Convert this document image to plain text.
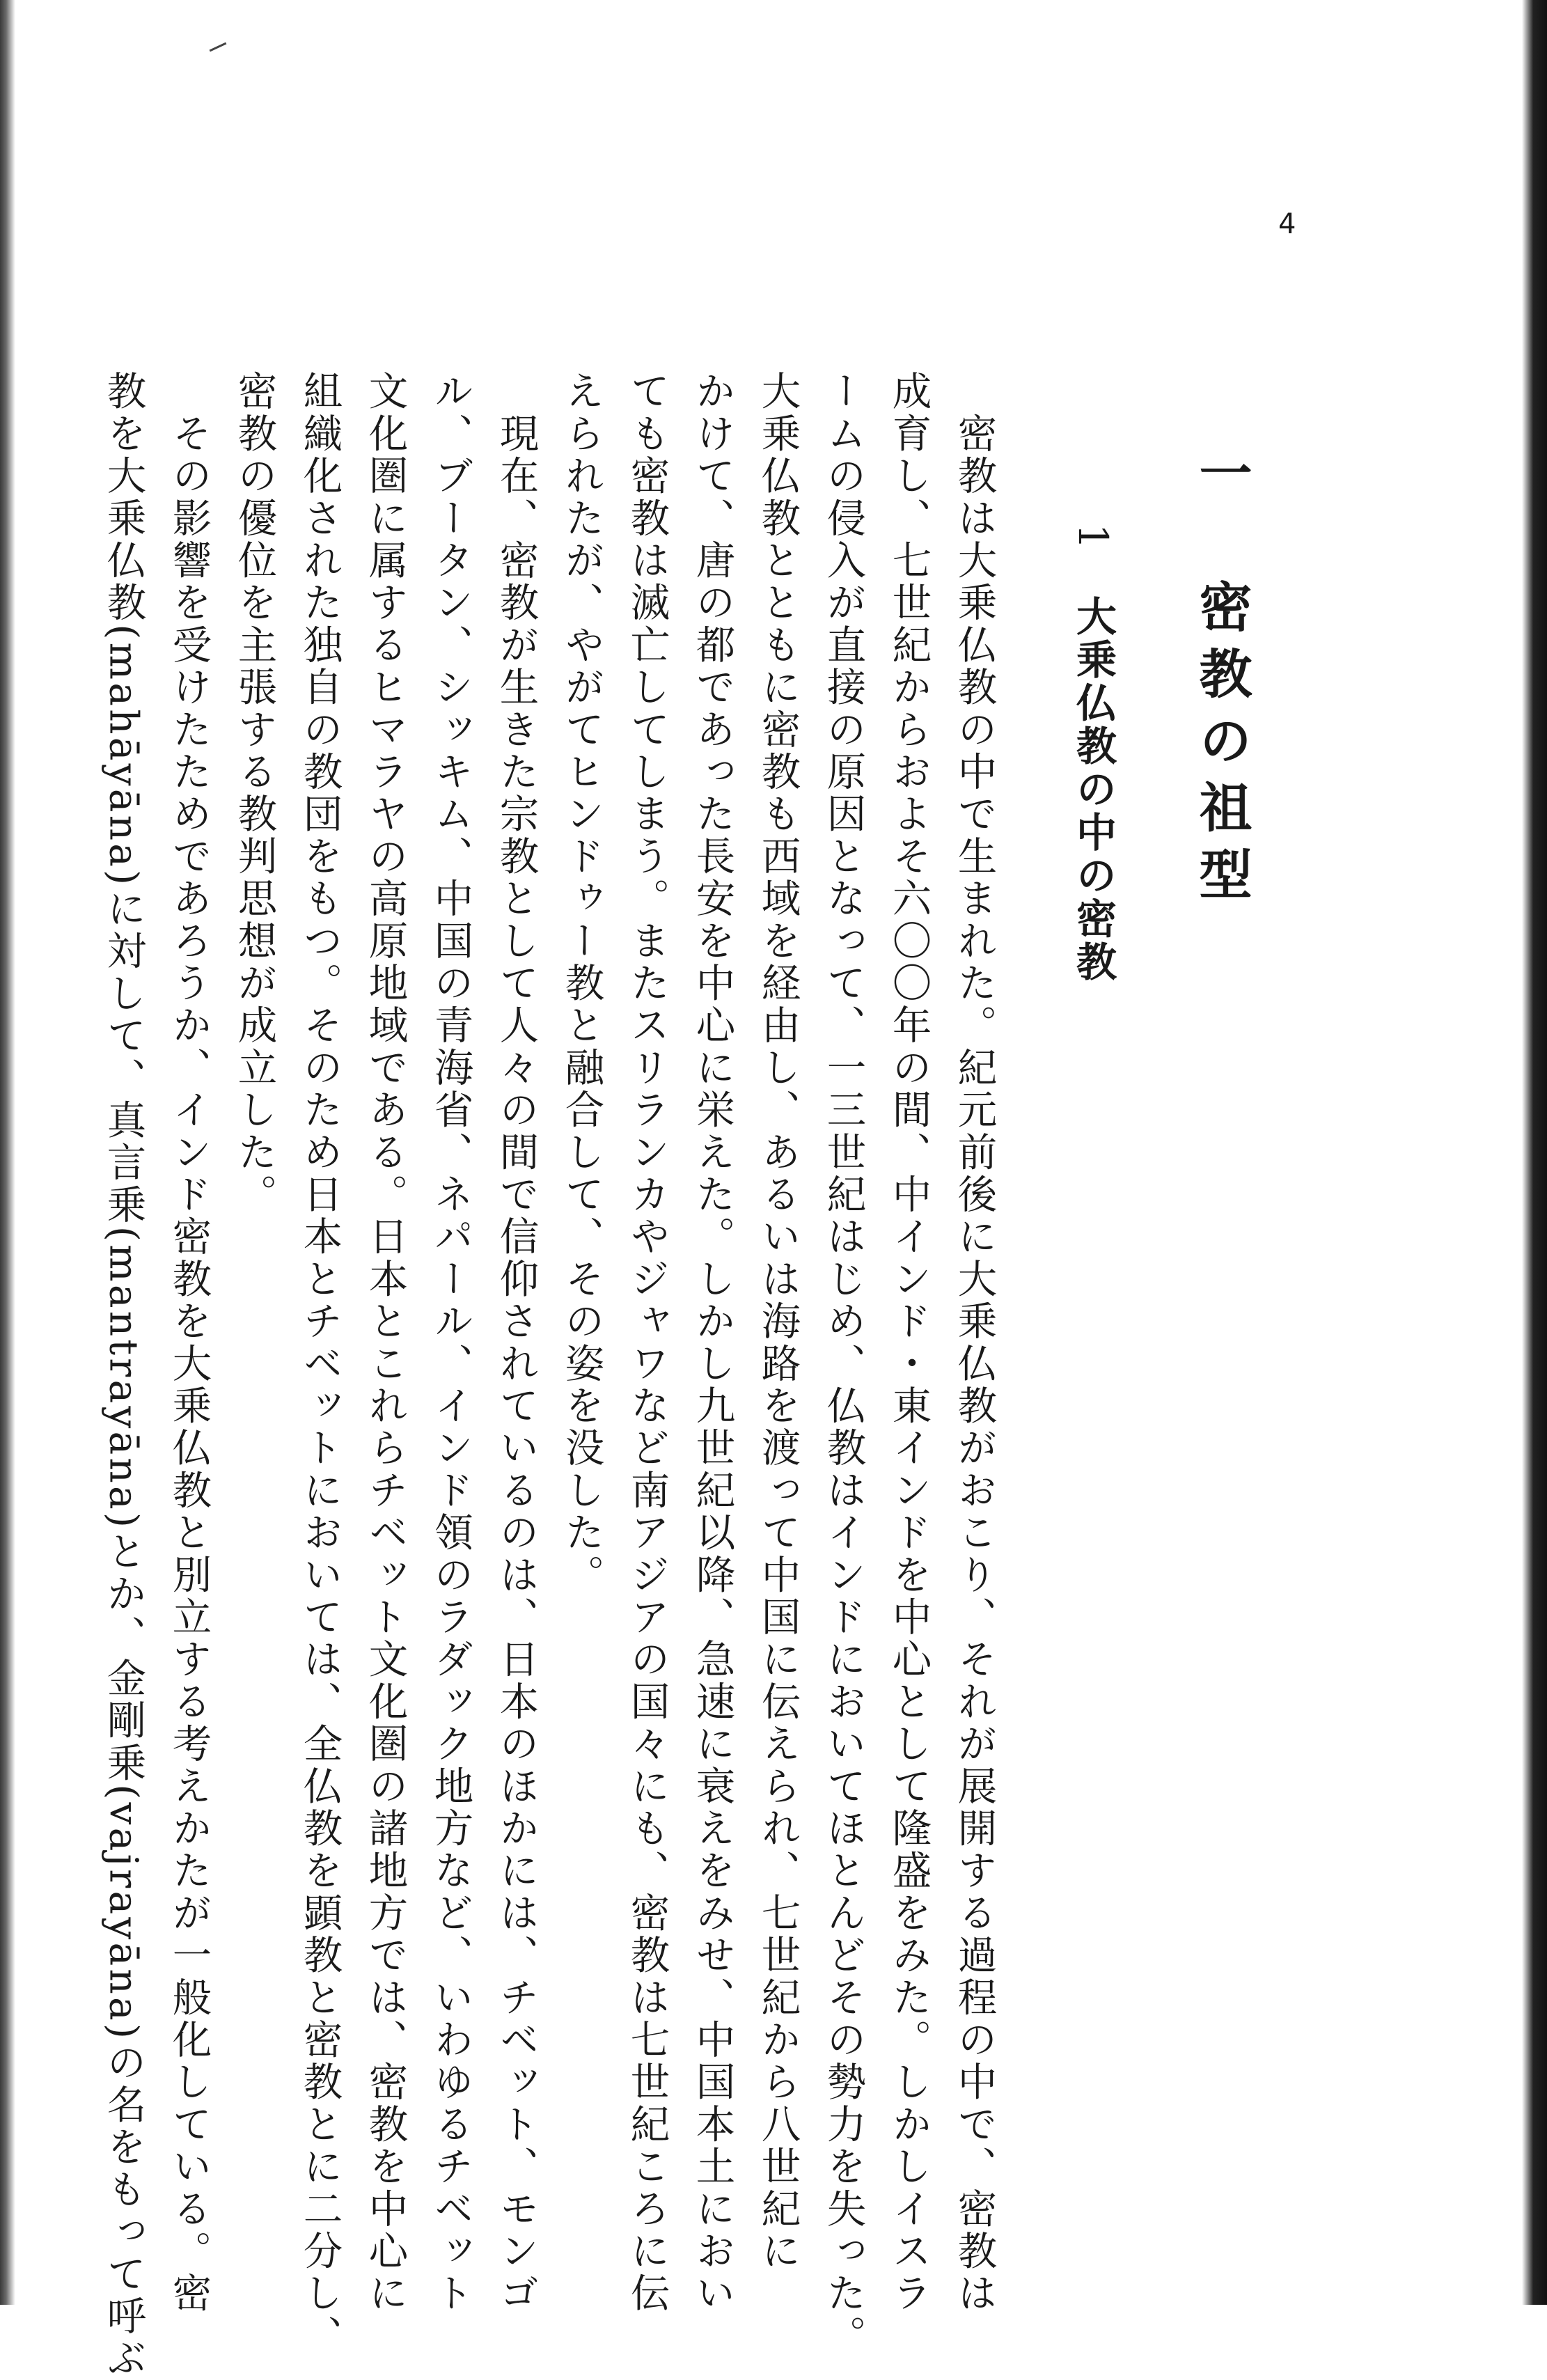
4
一　密教の祖型
1大乗仏教の中の密教
　密教は大乗仏教の中で生まれた。紀元前後に大乗仏教がおこり、それが展開する過程の中で、密教は
成育し、七世紀からおよそ六〇〇年の間、中インド・東インドを中心として隆盛をみた。しかしイスラ
ームの侵入が直接の原因となって、一三世紀はじめ、仏教はインドにおいてほとんどその勢力を失った。
大乗仏教とともに密教も西域を経由し、あるいは海路を渡って中国に伝えられ、七世紀から八世紀に
かけて、唐の都であった長安を中心に栄えた。しかし九世紀以降、急速に衰えをみせ、中国本土におい
ても密教は滅亡してしまう。またスリランカやジャワなど南アジアの国々にも、密教は七世紀ころに伝
えられたが、やがてヒンドゥー教と融合して、その姿を没した。
　現在、密教が生きた宗教として人々の間で信仰されているのは、日本のほかには、チベット、モンゴ
ル、ブータン、シッキム、中国の青海省、ネパール、インド領のラダック地方など、いわゆるチベット
文化圏に属するヒマラヤの高原地域である。日本とこれらチベット文化圏の諸地方では、密教を中心に
組織化された独自の教団をもつ。そのため日本とチベットにおいては、全仏教を顕教と密教とに二分し、
密教の優位を主張する教判思想が成立した。
　その影響を受けたためであろうか、インド密教を大乗仏教と別立する考えかたが一般化している。密
教を大乗仏教(mahāyāna)に対して、真言乗(mantrayāna)とか、金剛乗(vajrayāna)の名をもって呼ぶ
